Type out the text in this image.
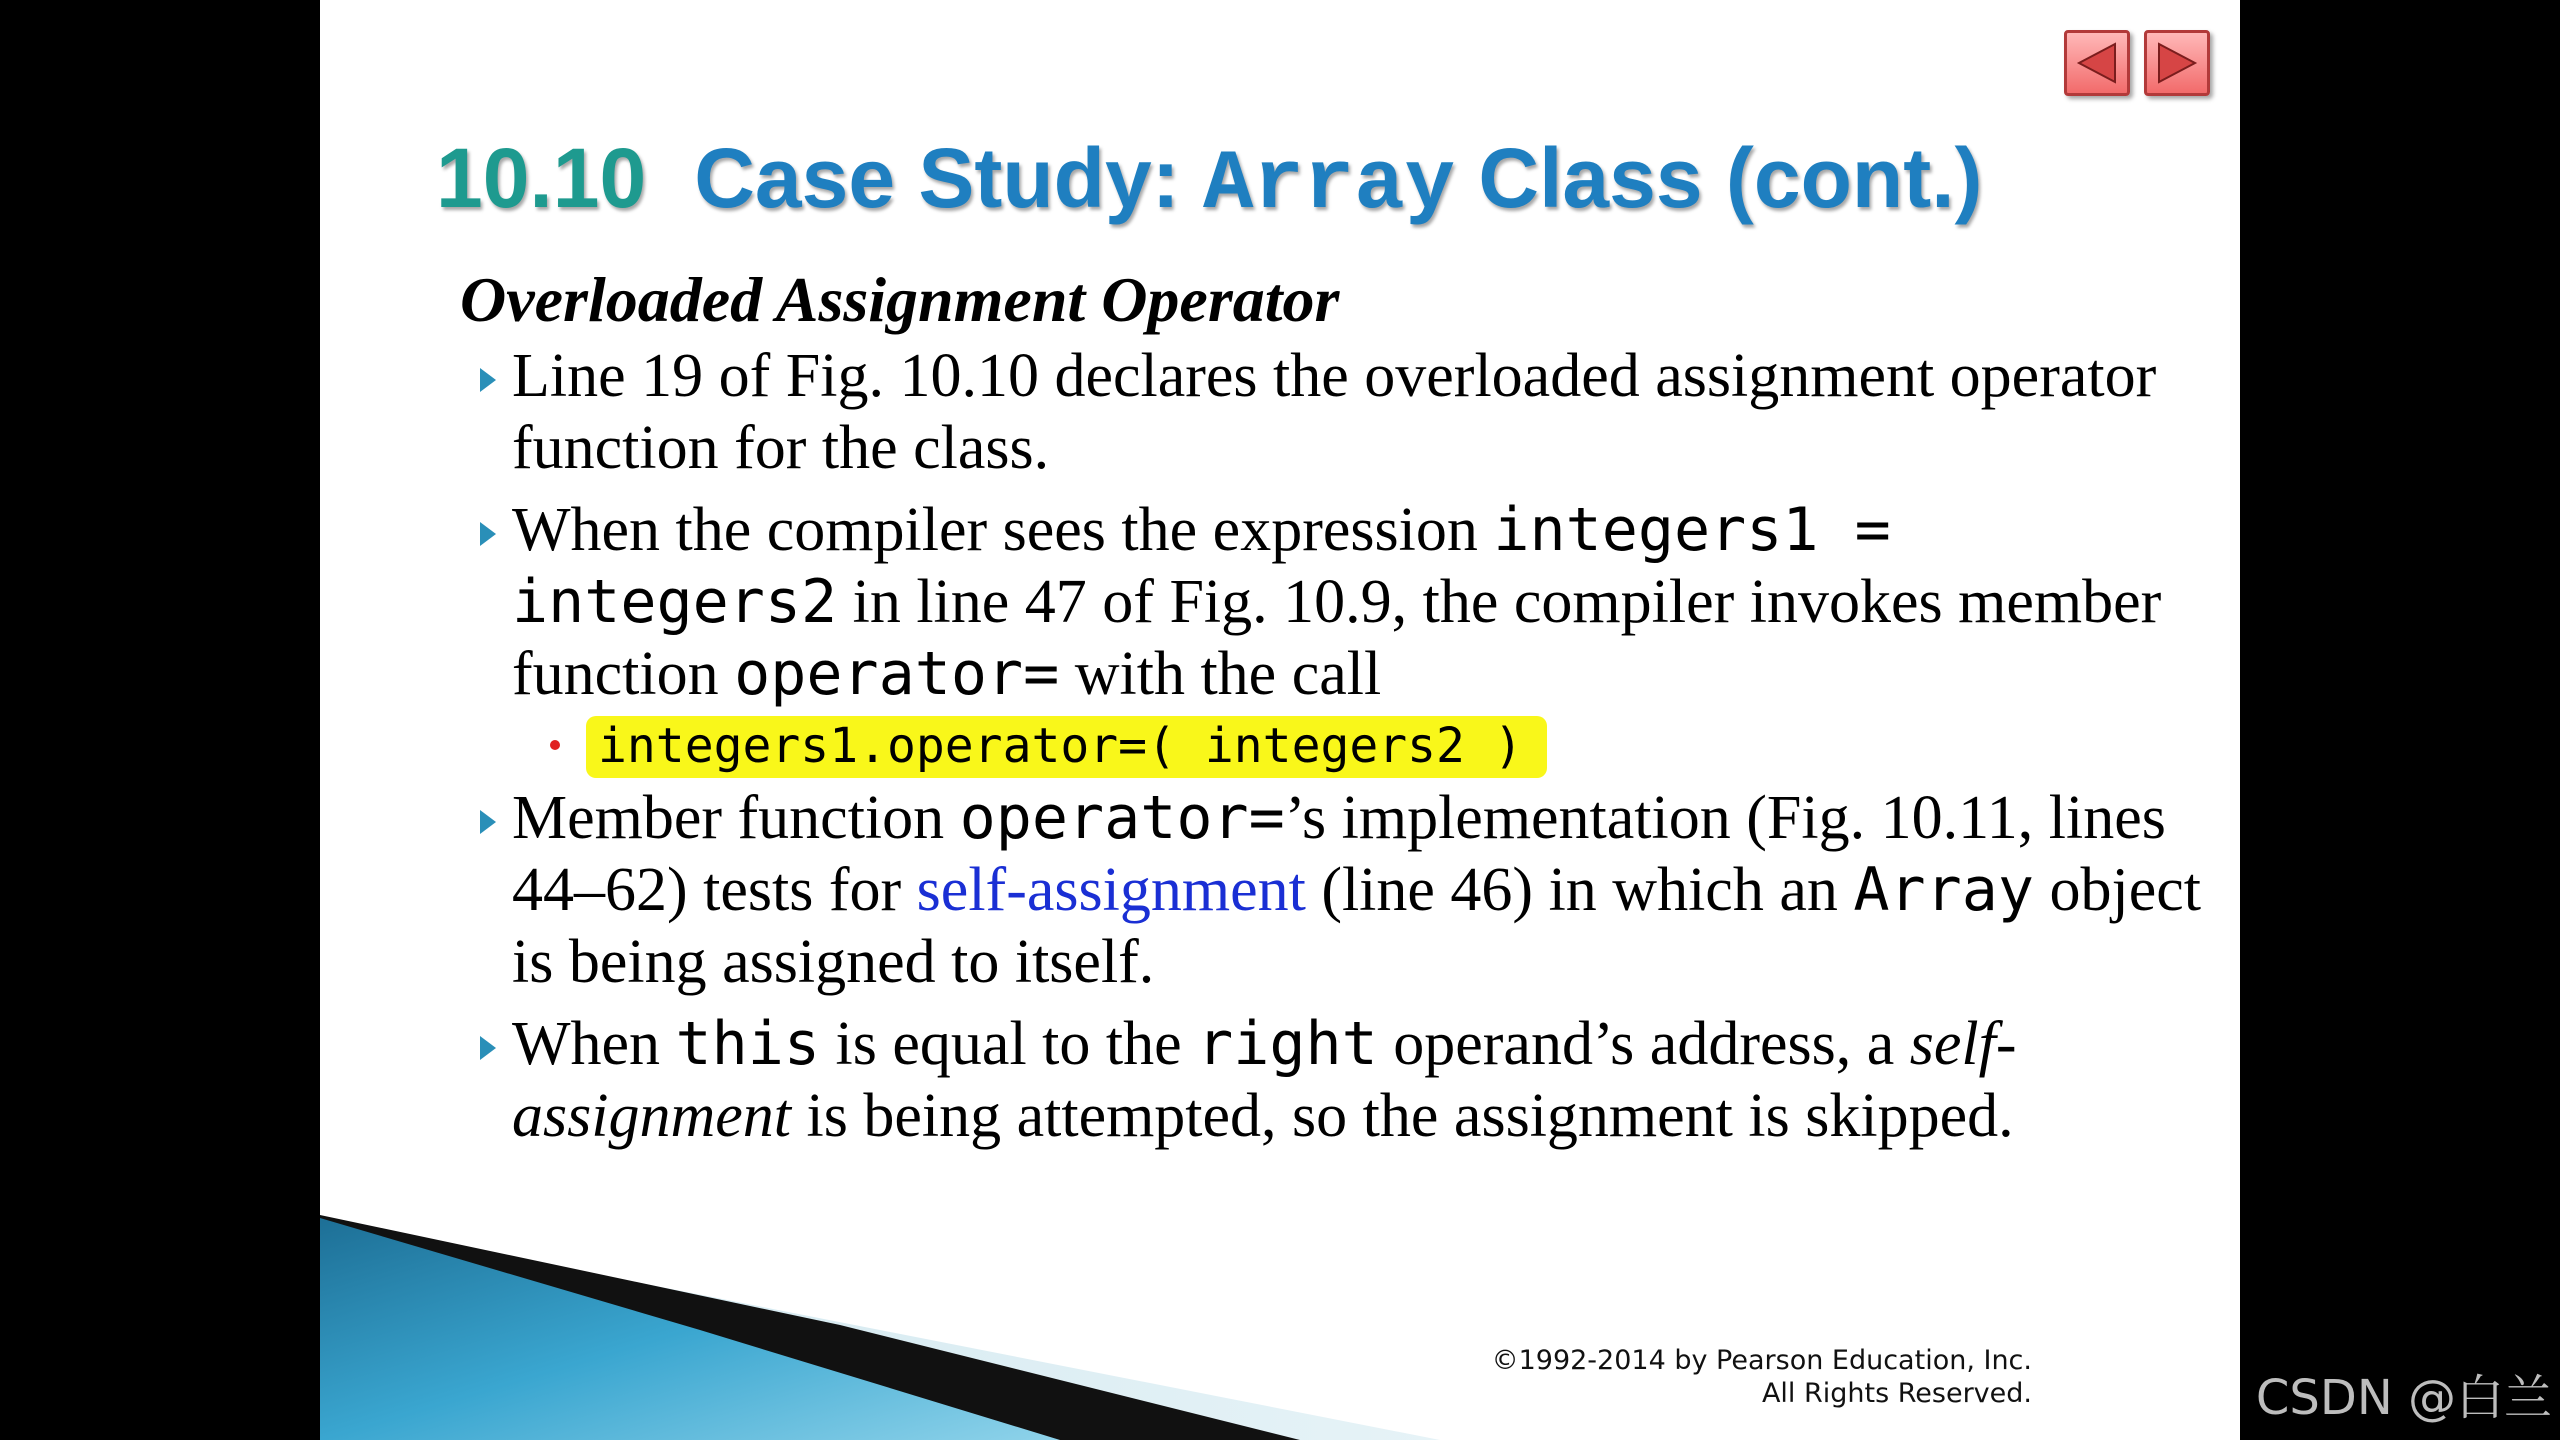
10.10 Case Study: Array Class (cont.)
Overloaded Assignment Operator
Line 19 of Fig. 10.10 declares the overloaded assignment operator function for the class.
When the compiler sees the expression integers1 = integers2 in line 47 of Fig. 10.9, the compiler invokes member function operator= with the call
integers1.operator=( integers2 )
Member function operator=’s implementation (Fig. 10.11, lines 44–62) tests for self-assignment (line 46) in which an Array object is being assigned to itself.
When this is equal to the right operand’s address, a self-assignment is being attempted, so the assignment is skipped.
©1992-2014 by Pearson Education, Inc.
All Rights Reserved.	CSDN @白兰
